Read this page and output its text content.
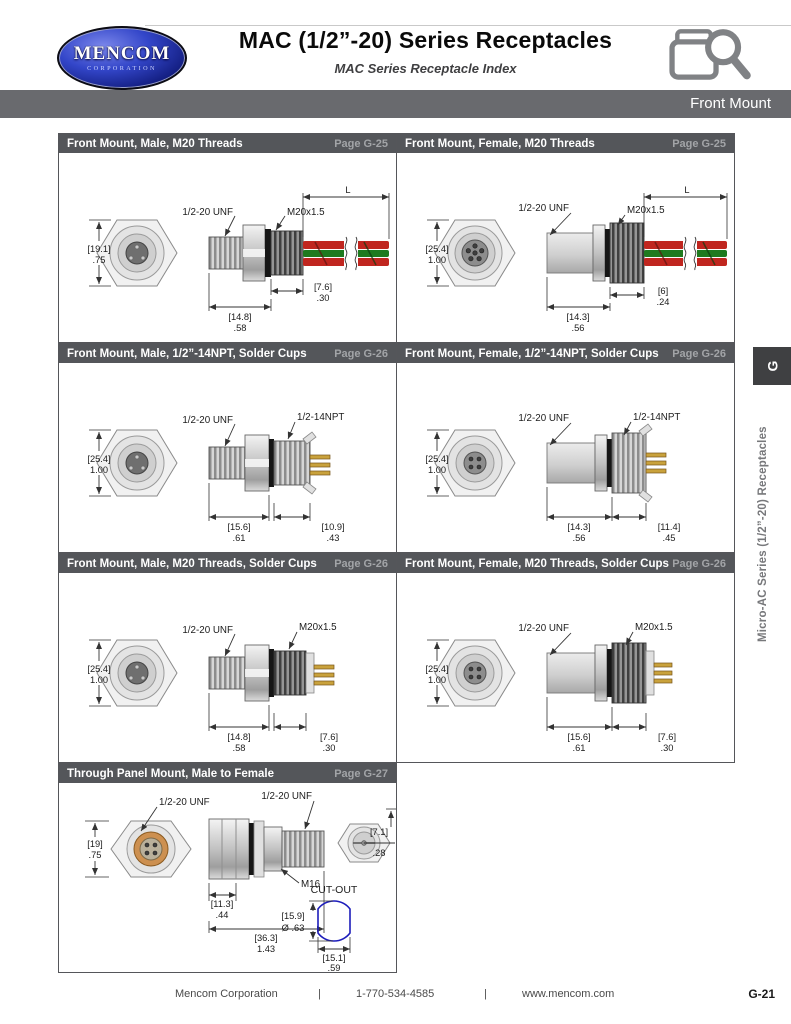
MENCOM
CORPORATION
MAC (1/2”-20) Series Receptacles
MAC Series Receptacle Index
Front Mount
Front Mount, Male, M20 Threads	Page G-25
[19.1]
.75
L
1/2-20 UNF	M20x1.5
[7.6]
.30
[14.8]
.58
Front Mount, Female, M20 Threads	Page G-25
[25.4]
1.00
L
1/2-20 UNF	M20x1.5
[6]
.24
[14.3]
.56
Front Mount, Male, 1/2”-14NPT, Solder Cups	Page G-26
[25.4]
1.00
1/2-20 UNF	1/2-14NPT
[15.6]
.61
[10.9]
.43
Front Mount, Female, 1/2”-14NPT, Solder Cups Page G-26
[25.4]
1.00
1/2-20 UNF	1/2-14NPT
[14.3]
.56
[11.4]
.45
Front Mount, Male, M20 Threads, Solder Cups Page G-26
[25.4]
1.00
1/2-20 UNF	M20x1.5
[14.8]
.58
[7.6]
.30
Front Mount, Female, M20 Threads, Solder Cups Page G-26
[25.4]
1.00
1/2-20 UNF	M20x1.5
[15.6]
.61
[7.6]
.30
Through Panel Mount, Male to Female	Page G-27
[19]
.75
1/2-20 UNF
1/2-20 UNF
M16
[11.3]
.44
[36.3]
1.43
[7.1]
.28
CUT-OUT
[15.9]
Ø .63
[15.1]
.59
G
Micro-AC Series (1/2”-20) Receptacles
Mencom Corporation	|	1-770-534-4585	|	www.mencom.com	G-21
